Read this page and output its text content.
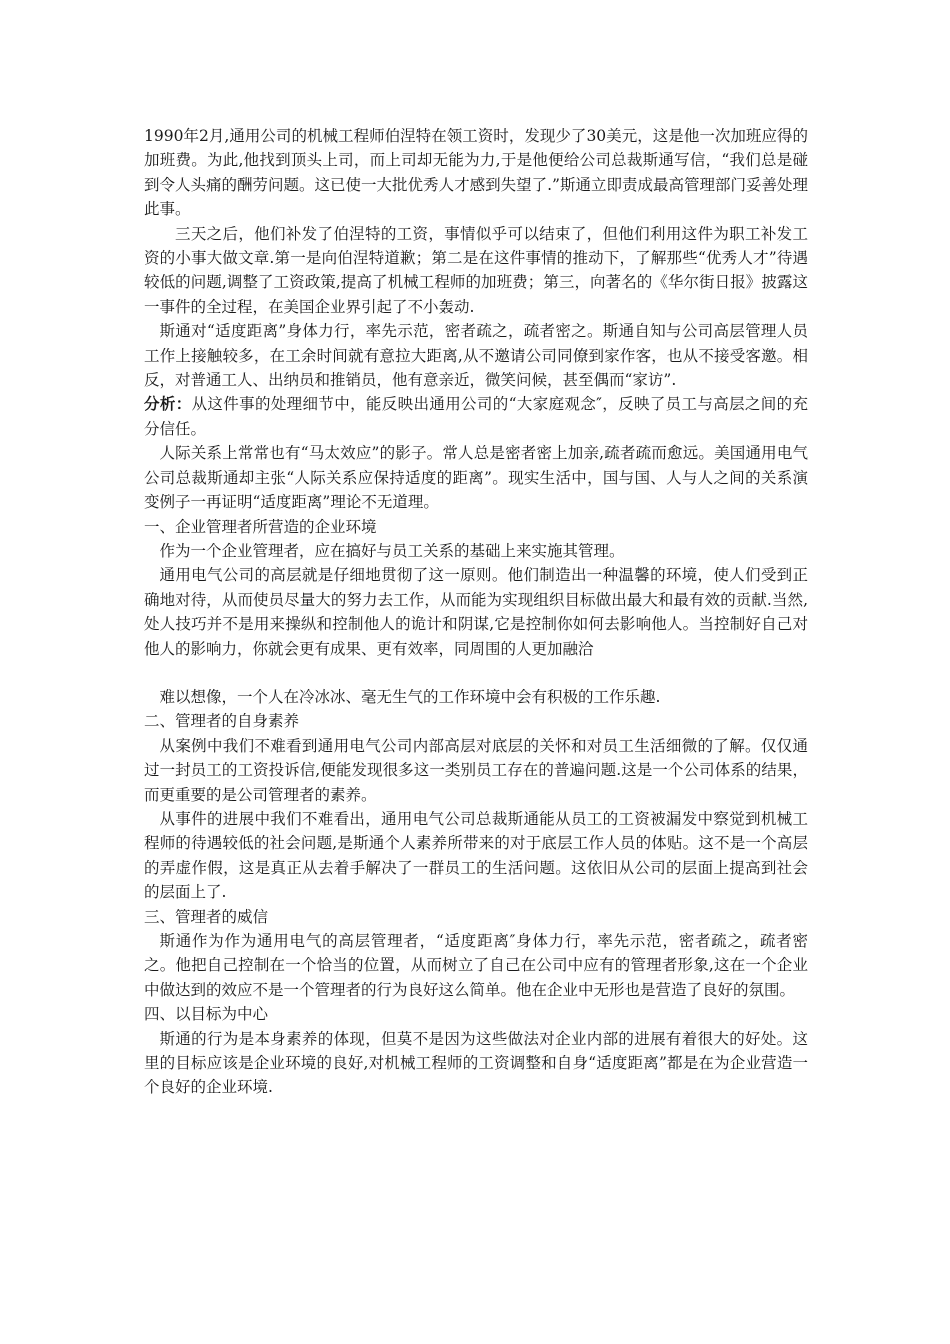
1990年2月,通用公司的机械工程师伯涅特在领工资时，发现少了30美元，这是他一次加班应得的加班费。为此,他找到顶头上司，而上司却无能为力,于是他便给公司总裁斯通写信，“我们总是碰到令人头痛的酬劳问题。这已使一大批优秀人才感到失望了.”斯通立即责成最高管理部门妥善处理此事。

三天之后，他们补发了伯涅特的工资，事情似乎可以结束了，但他们利用这件为职工补发工资的小事大做文章.第一是向伯涅特道歉；第二是在这件事情的推动下，了解那些“优秀人才”待遇较低的问题,调整了工资政策,提高了机械工程师的加班费；第三，向著名的《华尔街日报》披露这一事件的全过程，在美国企业界引起了不小轰动.

斯通对“适度距离”身体力行，率先示范，密者疏之，疏者密之。斯通自知与公司高层管理人员工作上接触较多，在工余时间就有意拉大距离,从不邀请公司同僚到家作客，也从不接受客邀。相反，对普通工人、出纳员和推销员，他有意亲近，微笑问候，甚至偶而“家访”.

分析：从这件事的处理细节中，能反映出通用公司的“大家庭观念″，反映了员工与高层之间的充分信任。

人际关系上常常也有“马太效应”的影子。常人总是密者密上加亲,疏者疏而愈远。美国通用电气公司总裁斯通却主张“人际关系应保持适度的距离”。现实生活中，国与国、人与人之间的关系演变例子一再证明“适度距离”理论不无道理。

一、企业管理者所营造的企业环境

作为一个企业管理者，应在搞好与员工关系的基础上来实施其管理。

通用电气公司的高层就是仔细地贯彻了这一原则。他们制造出一种温馨的环境，使人们受到正确地对待，从而使员尽量大的努力去工作，从而能为实现组织目标做出最大和最有效的贡献.当然,处人技巧并不是用来操纵和控制他人的诡计和阴谋,它是控制你如何去影响他人。当控制好自己对他人的影响力，你就会更有成果、更有效率，同周围的人更加融洽

难以想像，一个人在冷冰冰、毫无生气的工作环境中会有积极的工作乐趣.

二、管理者的自身素养

从案例中我们不难看到通用电气公司内部高层对底层的关怀和对员工生活细微的了解。仅仅通过一封员工的工资投诉信,便能发现很多这一类别员工存在的普遍问题.这是一个公司体系的结果，而更重要的是公司管理者的素养。

从事件的进展中我们不难看出，通用电气公司总裁斯通能从员工的工资被漏发中察觉到机械工程师的待遇较低的社会问题,是斯通个人素养所带来的对于底层工作人员的体贴。这不是一个高层的弄虚作假，这是真正从去着手解决了一群员工的生活问题。这依旧从公司的层面上提高到社会的层面上了.

三、管理者的威信

斯通作为作为通用电气的高层管理者，“适度距离″身体力行，率先示范，密者疏之，疏者密之。他把自己控制在一个恰当的位置，从而树立了自己在公司中应有的管理者形象,这在一个企业中做达到的效应不是一个管理者的行为良好这么简单。他在企业中无形也是营造了良好的氛围。

四、以目标为中心

斯通的行为是本身素养的体现，但莫不是因为这些做法对企业内部的进展有着很大的好处。这里的目标应该是企业环境的良好,对机械工程师的工资调整和自身“适度距离”都是在为企业营造一个良好的企业环境.
